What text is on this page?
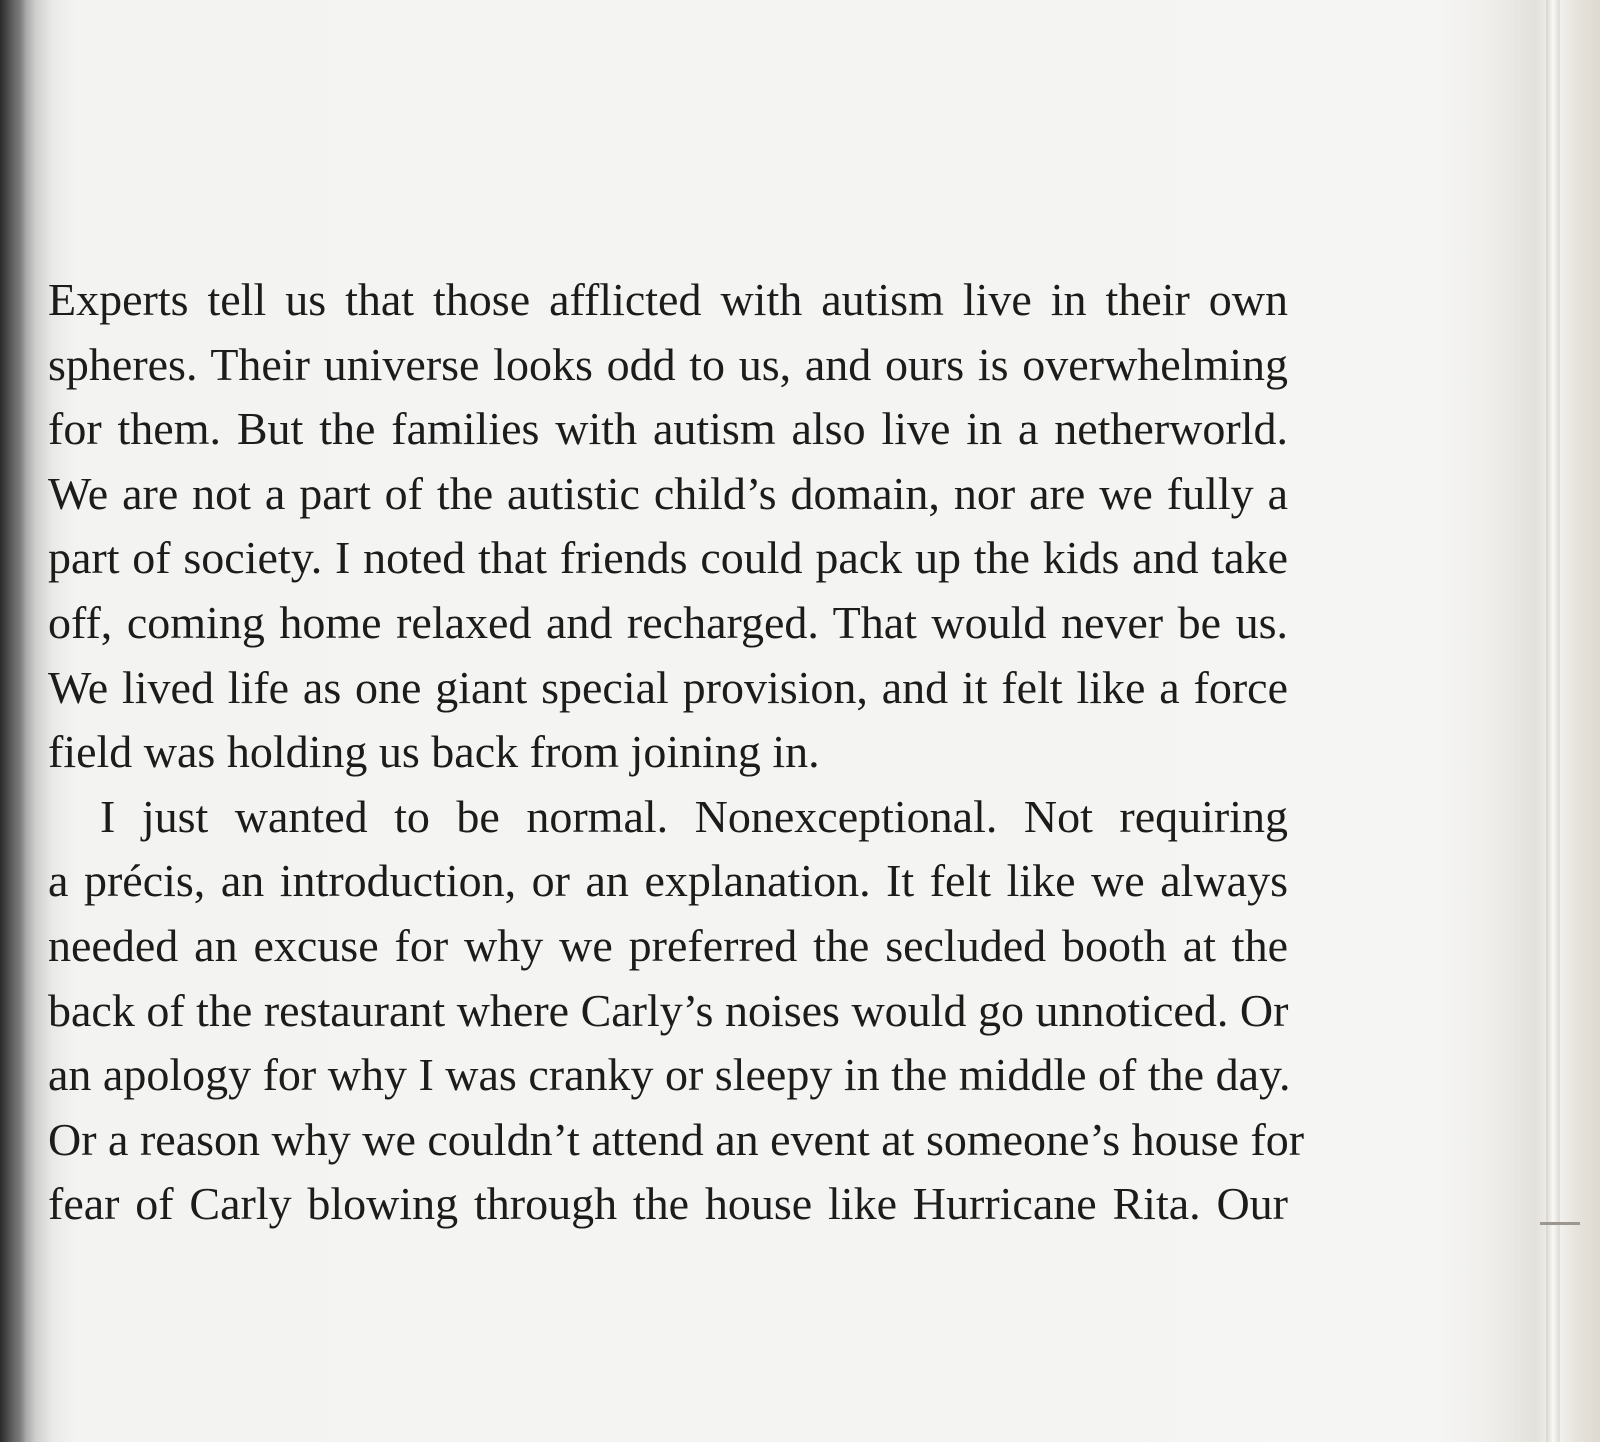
Experts tell us that those afflicted with autism live in their own
spheres. Their universe looks odd to us, and ours is overwhelming
for them. But the families with autism also live in a netherworld.
We are not a part of the autistic child’s domain, nor are we fully a
part of society. I noted that friends could pack up the kids and take
off, coming home relaxed and recharged. That would never be us.
We lived life as one giant special provision, and it felt like a force
field was holding us back from joining in.
I just wanted to be normal. Nonexceptional. Not requiring
a précis, an introduction, or an explanation. It felt like we always
needed an excuse for why we preferred the secluded booth at the
back of the restaurant where Carly’s noises would go unnoticed. Or
an apology for why I was cranky or sleepy in the middle of the day.
Or a reason why we couldn’t attend an event at someone’s house for
fear of Carly blowing through the house like Hurricane Rita. Our
